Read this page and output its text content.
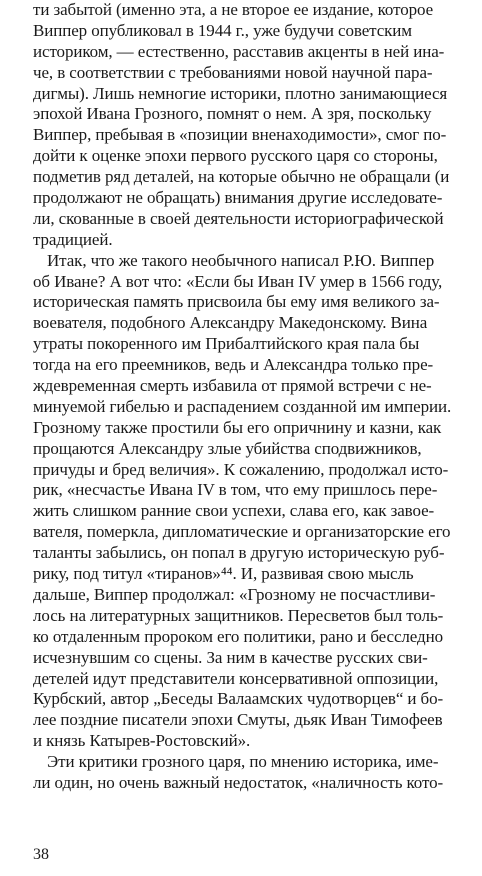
ти забытой (именно эта, а не второе ее издание, которое
Виппер опубликовал в 1944 г., уже будучи советским
историком, — естественно, расставив акценты в ней ина-
че, в соответствии с требованиями новой научной пара-
дигмы). Лишь немногие историки, плотно занимающиеся
эпохой Ивана Грозного, помнят о нем. А зря, поскольку
Виппер, пребывая в «позиции вненаходимости», смог по-
дойти к оценке эпохи первого русского царя со стороны,
подметив ряд деталей, на которые обычно не обращали (и
продолжают не обращать) внимания другие исследовате-
ли, скованные в своей деятельности историографической
традицией.
Итак, что же такого необычного написал Р.Ю. Виппер
об Иване? А вот что: «Если бы Иван IV умер в 1566 году,
историческая память присвоила бы ему имя великого за-
воевателя, подобного Александру Македонскому. Вина
утраты покоренного им Прибалтийского края пала бы
тогда на его преемников, ведь и Александра только пре-
ждевременная смерть избавила от прямой встречи с не-
минуемой гибелью и распадением созданной им империи.
Грозному также простили бы его опричнину и казни, как
прощаются Александру злые убийства сподвижников,
причуды и бред величия». К сожалению, продолжал исто-
рик, «несчастье Ивана IV в том, что ему пришлось пере-
жить слишком ранние свои успехи, слава его, как завое-
вателя, померкла, дипломатические и организаторские его
таланты забылись, он попал в другую историческую руб-
рику, под титул «тиранов»⁴⁴. И, развивая свою мысль
дальше, Виппер продолжал: «Грозному не посчастливи-
лось на литературных защитников. Пересветов был толь-
ко отдаленным пророком его политики, рано и бесследно
исчезнувшим со сцены. За ним в качестве русских сви-
детелей идут представители консервативной оппозиции,
Курбский, автор „Беседы Валаамских чудотворцев“ и бо-
лее поздние писатели эпохи Смуты, дьяк Иван Тимофеев
и князь Катырев-Ростовский».
Эти критики грозного царя, по мнению историка, име-
ли один, но очень важный недостаток, «наличность кото-
38
